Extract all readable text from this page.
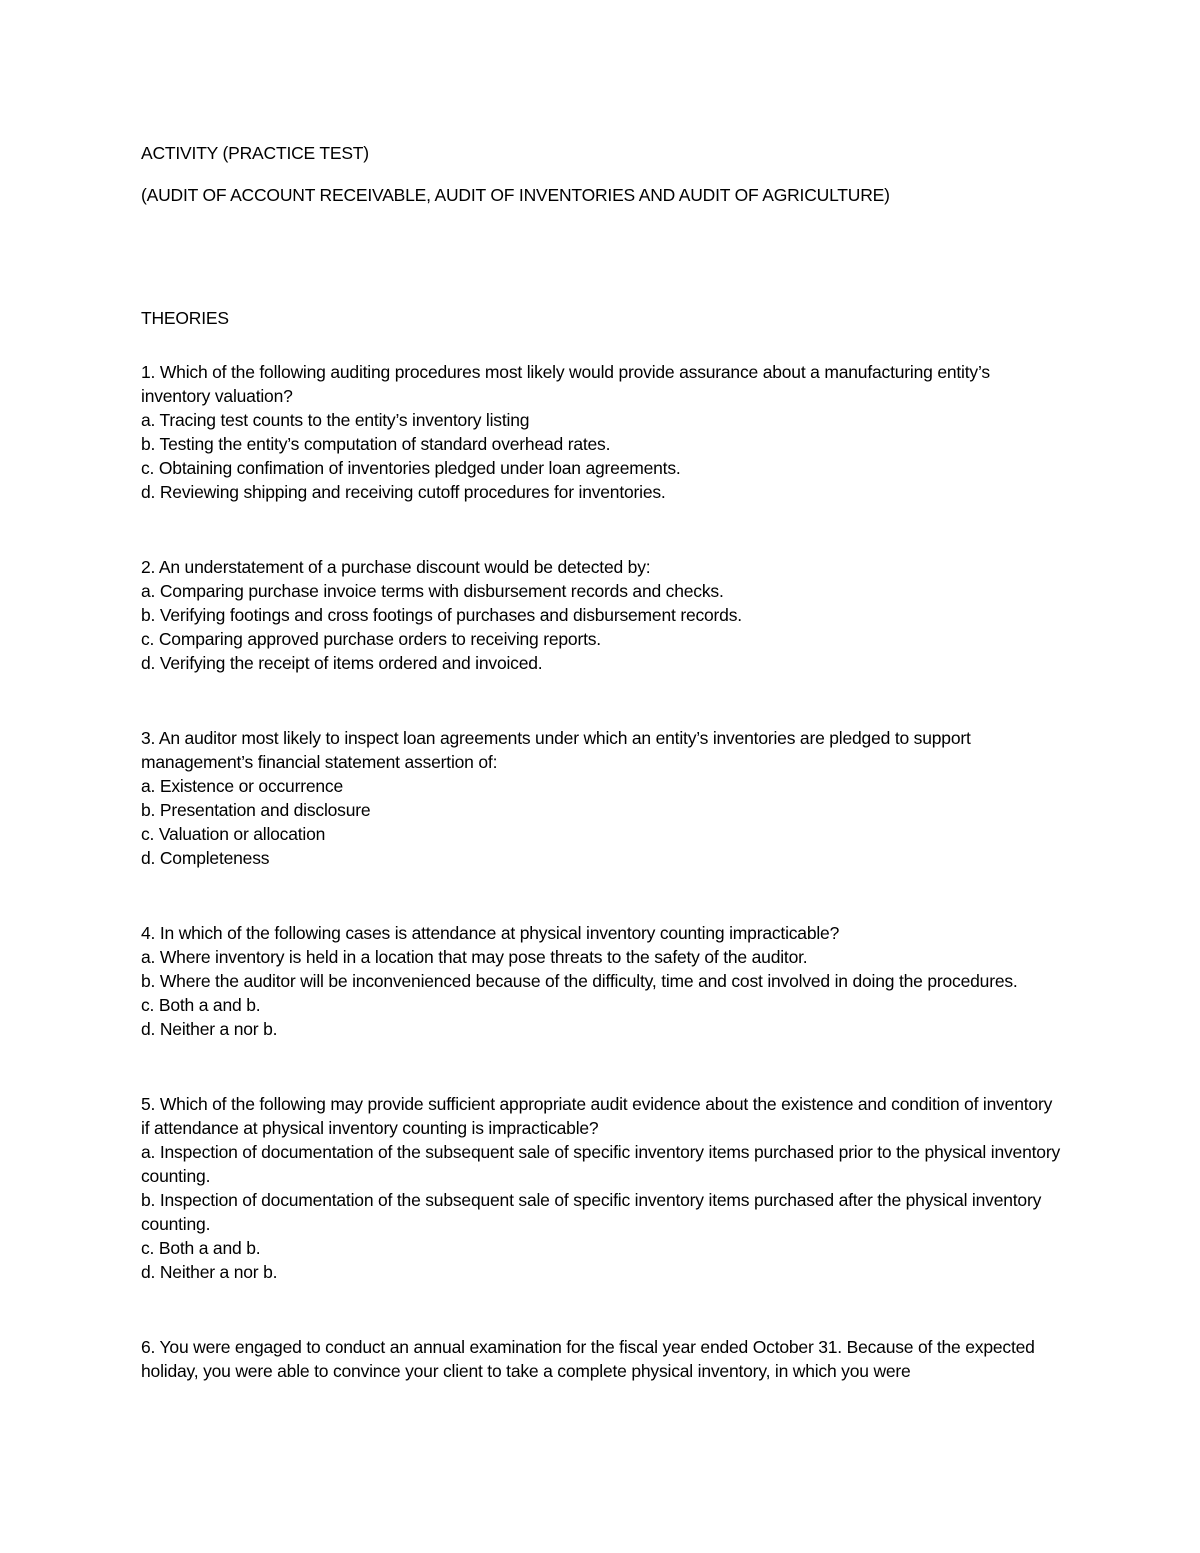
ACTIVITY (PRACTICE TEST)

(AUDIT OF ACCOUNT RECEIVABLE, AUDIT OF INVENTORIES AND AUDIT OF AGRICULTURE)

THEORIES

1. Which of the following auditing procedures most likely would provide assurance about a manufacturing entity’s inventory valuation?
a. Tracing test counts to the entity’s inventory listing
b. Testing the entity’s computation of standard overhead rates.
c. Obtaining confimation of inventories pledged under loan agreements.
d. Reviewing shipping and receiving cutoff procedures for inventories.
2. An understatement of a purchase discount would be detected by:
a. Comparing purchase invoice terms with disbursement records and checks.
b. Verifying footings and cross footings of purchases and disbursement records.
c. Comparing approved purchase orders to receiving reports.
d. Verifying the receipt of items ordered and invoiced.
3. An auditor most likely to inspect loan agreements under which an entity’s inventories are pledged to support management’s financial statement assertion of:
a. Existence or occurrence
b. Presentation and disclosure
c. Valuation or allocation
d. Completeness
4. In which of the following cases is attendance at physical inventory counting impracticable?
a. Where inventory is held in a location that may pose threats to the safety of the auditor.
b. Where the auditor will be inconvenienced because of the difficulty, time and cost involved in doing the procedures.
c. Both a and b.
d. Neither a nor b.
5. Which of the following may provide sufficient appropriate audit evidence about the existence and condition of inventory if attendance at physical inventory counting is impracticable?
a. Inspection of documentation of the subsequent sale of specific inventory items purchased prior to the physical inventory counting.
b. Inspection of documentation of the subsequent sale of specific inventory items purchased after the physical inventory counting.
c. Both a and b.
d. Neither a nor b.
6. You were engaged to conduct an annual examination for the fiscal year ended October 31. Because of the expected holiday, you were able to convince your client to take a complete physical inventory, in which you were
